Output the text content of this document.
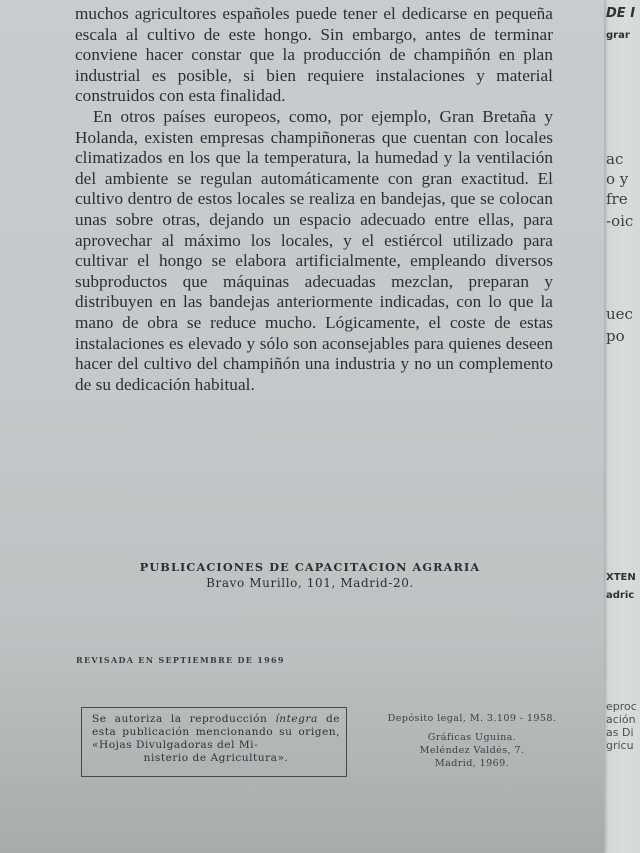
DE I
grar
ac
o y
fre
-oic
uec
po
XTEN
adric
eproc
ación
as Di
gricu

muchos agricultores españoles puede tener el dedicarse en pequeña escala al cultivo de este hongo. Sin embargo, antes de terminar conviene hacer constar que la producción de champiñón en plan industrial es posible, si bien requiere instalaciones y material construidos con esta finalidad.

En otros países europeos, como, por ejemplo, Gran Bretaña y Holanda, existen empresas champiñoneras que cuentan con locales climatizados en los que la temperatura, la humedad y la ventilación del ambiente se regulan automáticamente con gran exactitud. El cultivo dentro de estos locales se realiza en bandejas, que se colocan unas sobre otras, dejando un espacio adecuado entre ellas, para aprovechar al máximo los locales, y el estiércol utilizado para cultivar el hongo se elabora artificialmente, empleando diversos subproductos que máquinas adecuadas mezclan, preparan y distribuyen en las bandejas anteriormente indicadas, con lo que la mano de obra se reduce mucho. Lógicamente, el coste de estas instalaciones es elevado y sólo son aconsejables para quienes deseen hacer del cultivo del champiñón una industria y no un complemento de su dedicación habitual.

PUBLICACIONES DE CAPACITACION AGRARIA
Bravo Murillo, 101, Madrid-20.
REVISADA EN SEPTIEMBRE DE 1969
Se autoriza la reproducción íntegra de esta publicación mencionando su origen, «Hojas Divulgadoras del Mi-
nisterio de Agricultura».
Depósito legal, M. 3.109 - 1958.
Gráficas Uguina.
Meléndez Valdés, 7.
Madrid, 1969.
